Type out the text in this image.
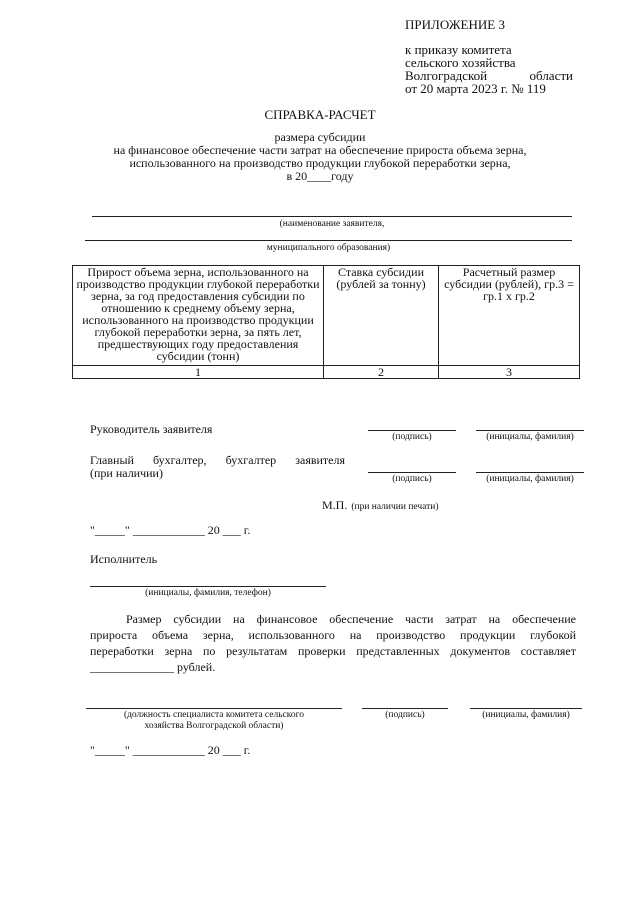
ПРИЛОЖЕНИЕ 3
к приказу комитета
сельского хозяйства
Волгоградской области
от 20 марта 2023 г. № 119
СПРАВКА-РАСЧЕТ
размера субсидии
на финансовое обеспечение части затрат на обеспечение прироста объема зерна,
использованного на производство продукции глубокой переработки зерна,
в 20____году
(наименование заявителя,
муниципального образования)
Прирост объема зерна, использованного на производство продукции глубокой переработки зерна, за год предоставления субсидии по отношению к среднему объему зерна, использованного на производство продукции глубокой переработки зерна, за пять лет, предшествующих году предоставления субсидии (тонн)	Ставка субсидии (рублей за тонну)	Расчетный размер субсидии (рублей), гр.3 = гр.1 х гр.2
1	2	3
Руководитель заявителя
(подпись)	(инициалы, фамилия)
Главный бухгалтер, бухгалтер заявителя
(при наличии)	(подпись)	(инициалы, фамилия)
М.П. (при наличии печати)
"_____" ____________ 20 ___ г.
Исполнитель
(инициалы, фамилия, телефон)
Размер субсидии на финансовое обеспечение части затрат на обеспечение
прироста объема зерна, использованного на производство продукции глубокой
переработки зерна по результатам проверки представленных документов составляет
______________ рублей.
(должность специалиста комитета сельского
хозяйства Волгоградской области)
(подпись)	(инициалы, фамилия)
"_____" ____________ 20 ___ г.
